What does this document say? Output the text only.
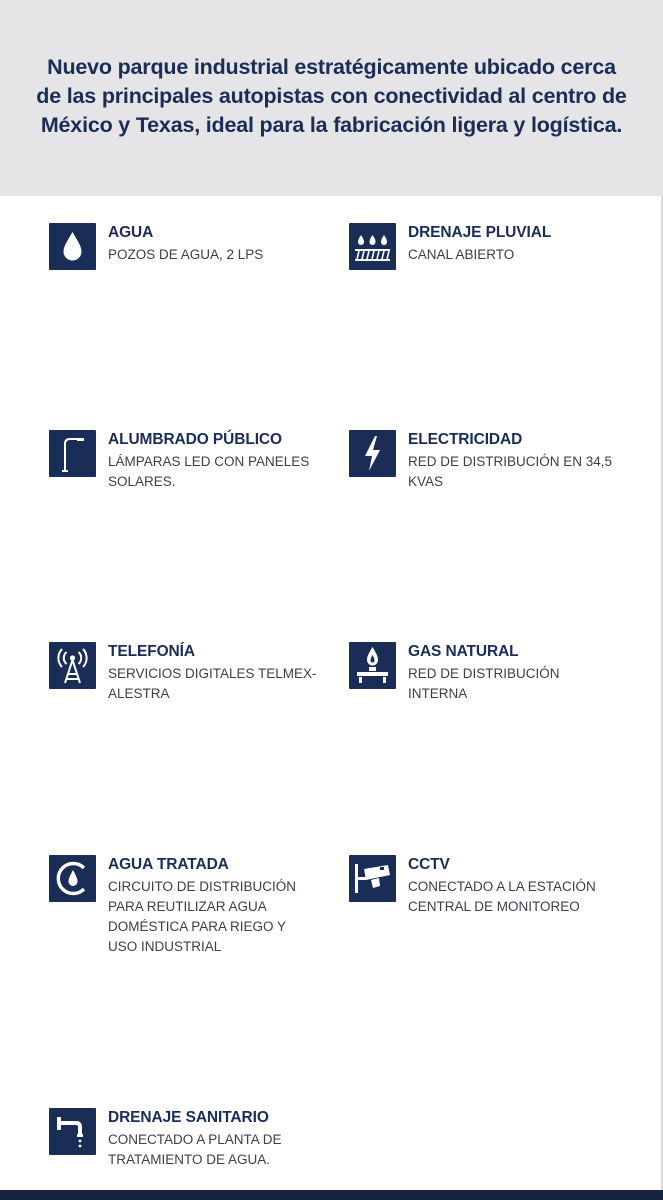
Nuevo parque industrial estratégicamente ubicado cerca
de las principales autopistas con conectividad al centro de
México y Texas, ideal para la fabricación ligera y logística.
AGUA
POZOS DE AGUA, 2 LPS
DRENAJE PLUVIAL
CANAL ABIERTO
ALUMBRADO PÚBLICO
LÁMPARAS LED CON PANELES
SOLARES.
ELECTRICIDAD
RED DE DISTRIBUCIÓN EN 34,5
KVAS
TELEFONÍA
SERVICIOS DIGITALES TELMEX-
ALESTRA
GAS NATURAL
RED DE DISTRIBUCIÓN
INTERNA
AGUA TRATADA
CIRCUITO DE DISTRIBUCIÓN
PARA REUTILIZAR AGUA
DOMÉSTICA PARA RIEGO Y
USO INDUSTRIAL
CCTV
CONECTADO A LA ESTACIÓN
CENTRAL DE MONITOREO
DRENAJE SANITARIO
CONECTADO A PLANTA DE
TRATAMIENTO DE AGUA.
